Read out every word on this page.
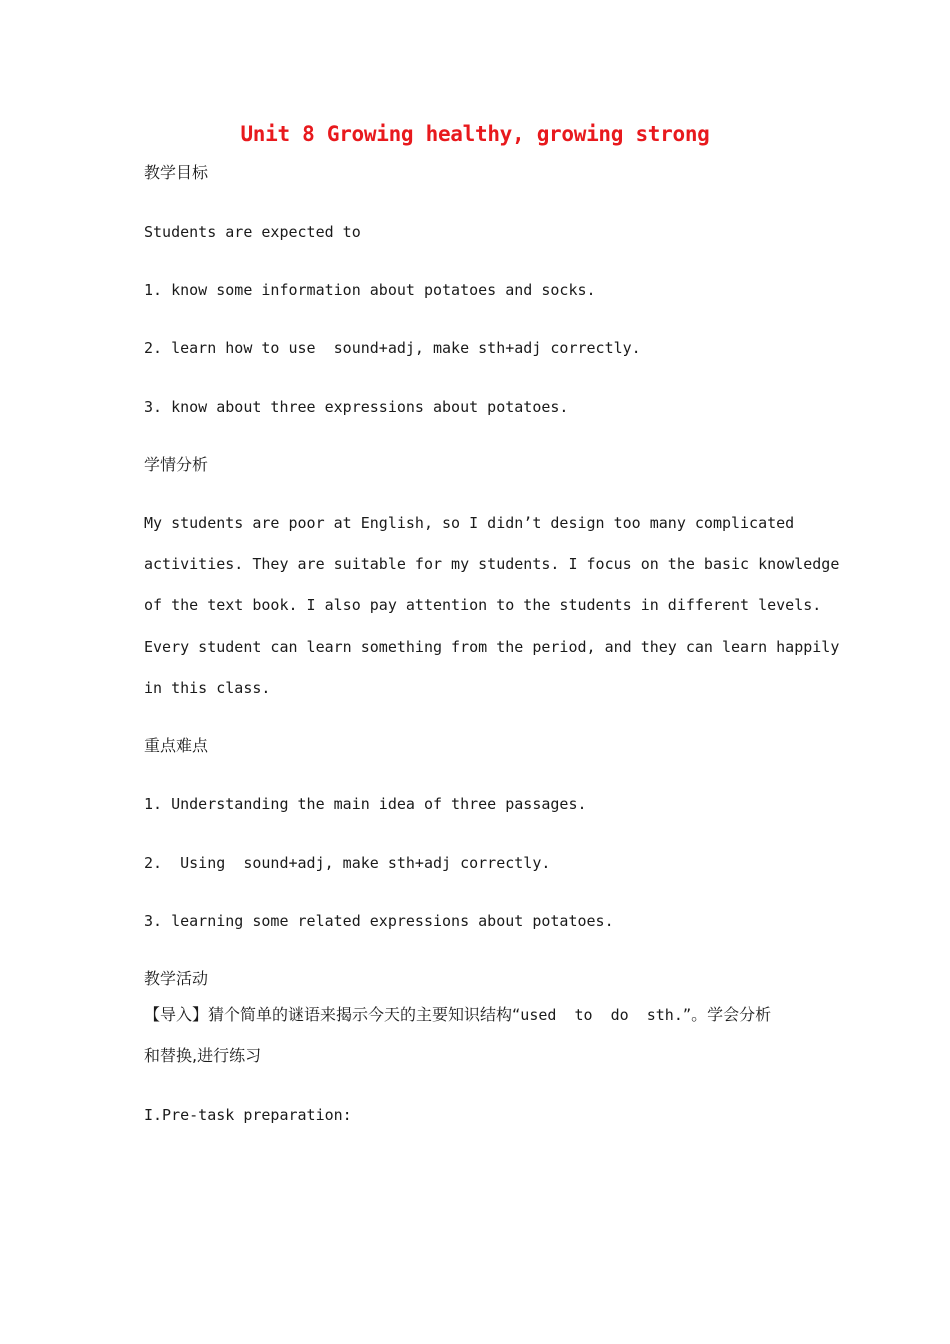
Unit 8 Growing healthy, growing strong
教学目标
Students are expected to
1. know some information about potatoes and socks.
2. learn how to use  sound+adj, make sth+adj correctly.
3. know about three expressions about potatoes.
学情分析
My students are poor at English, so I didn’t design too many complicated
activities. They are suitable for my students. I focus on the basic knowledge
of the text book. I also pay attention to the students in different levels.
Every student can learn something from the period, and they can learn happily
in this class.
重点难点
1. Understanding the main idea of three passages.
2.  Using  sound+adj, make sth+adj correctly.
3. learning some related expressions about potatoes.
教学活动
【导入】猜个简单的谜语来揭示今天的主要知识结构“used  to  do  sth.”。学会分析
和替换,进行练习
I.Pre-task preparation:
